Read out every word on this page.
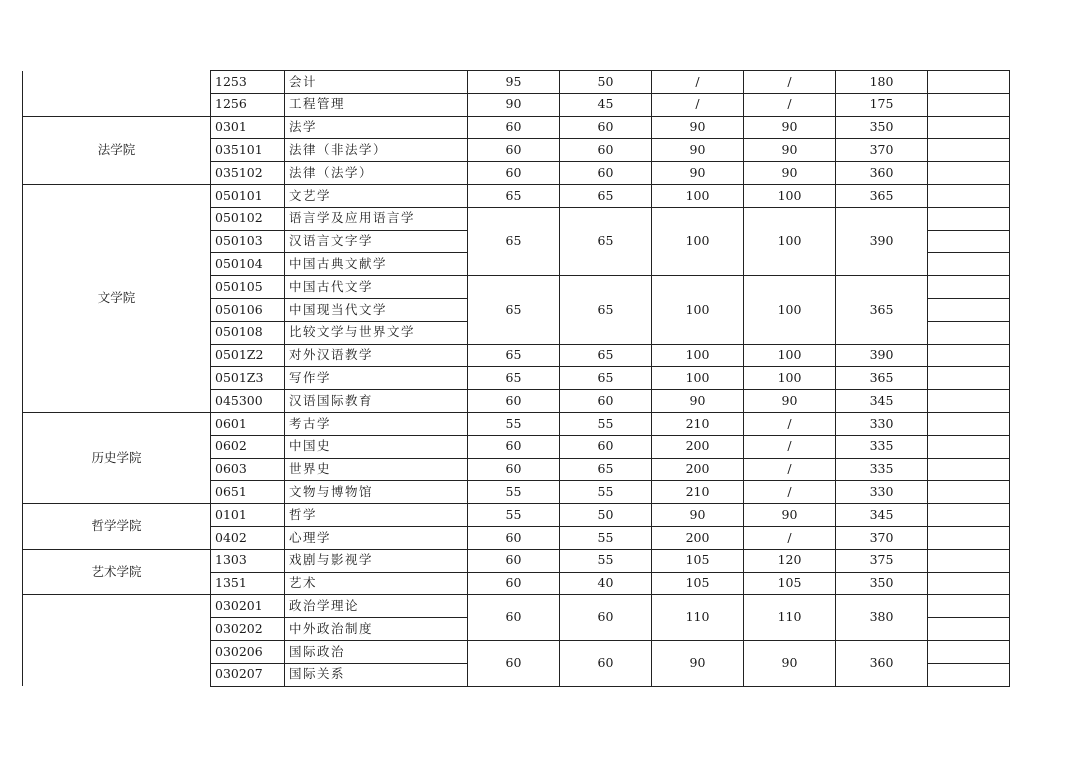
	1253	会计	95	50	/	/	180	
	1256	工程管理	90	45	/	/	175	
法学院	0301	法学	60	60	90	90	350	
	035101	法律（非法学）	60	60	90	90	370	
	035102	法律（法学）	60	60	90	90	360	
文学院	050101	文艺学	65	65	100	100	365	
	050102	语言学及应用语言学	65	65	100	100	390	
	050103	汉语言文字学						
	050104	中国古典文献学						
	050105	中国古代文学	65	65	100	100	365	
	050106	中国现当代文学						
	050108	比较文学与世界文学						
	0501Z2	对外汉语教学	65	65	100	100	390	
	0501Z3	写作学	65	65	100	100	365	
	045300	汉语国际教育	60	60	90	90	345	
历史学院	0601	考古学	55	55	210	/	330	
	0602	中国史	60	60	200	/	335	
	0603	世界史	60	65	200	/	335	
	0651	文物与博物馆	55	55	210	/	330	
哲学学院	0101	哲学	55	50	90	90	345	
	0402	心理学	60	55	200	/	370	
艺术学院	1303	戏剧与影视学	60	55	105	120	375	
	1351	艺术	60	40	105	105	350	
	030201	政治学理论	60	60	110	110	380	
	030202	中外政治制度						
	030206	国际政治	60	60	90	90	360	
	030207	国际关系						
